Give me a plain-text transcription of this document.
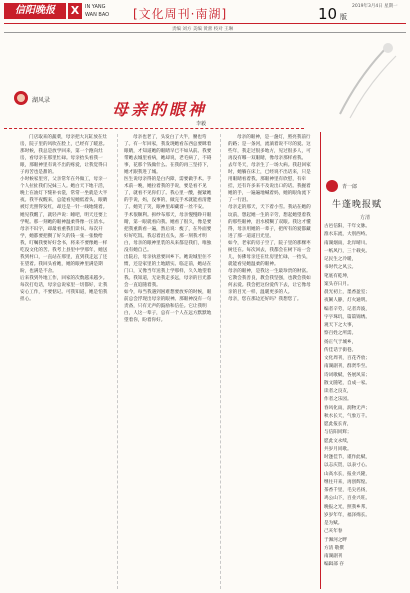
信阳晚报	X	IN YANG
WAN BAO [文化周刊·南湖]	10 版
2019年3月4日 星期一
责编 刘方 美编 黄蕾 校对 王琳
湖风录	母亲的眼神
李毅
门店取来的蔬菜，母亲把大瓦缸放在灶房，院子里的风吹在脸上，已经有了暖意。那时候，我总是放学回来，第一个跑向灶房，看母亲在那里忙碌。母亲抬头看我一眼，那眼神里有说不出的疼爱，让我觉得日子再苦也是甜的。
小时候家里穷，父亲常年在外做工，母亲一个人拉扯我们兄妹三人。她白天下地干活，晚上在油灯下缝补衣裳，常常一坐就是大半夜。我半夜醒来，总能看见她低着头，眼睛被灯光照得发红，却还是一针一线地缝着。她见我醒了，就轻声说：睡吧，明天还要上学呢。那一刻她的眼神温柔得像一汪清水。
母亲不识字，却最看重我们读书。每次开学，她都要把攒了好久的钱一张一张数给我，叮嘱我要好好念书，将来不要像她一样吃没文化的苦。我考上县里中学那年，她送我到村口，一直站在那里，直到我走远了还在望着。我回头看她，她的眼神里满是期盼，也满是不舍。
后来我到外地工作，回家的次数越来越少。每次打电话，母亲总说家里一切都好，让我安心工作，不要惦记。可我知道，她是怕我担心。
母亲也老了，头发白了大半，腰也弯了。有一年回家，我发现她看东西总要眯着眼睛，才知道她的眼睛早已不如从前。我要带她去城里看病，她却说，老毛病了，不碍事，花那个钱做什么。在我的再三坚持下，她才跟我进了城。
医生说母亲得的是白内障，需要做手术。手术前一晚，她拉着我的手说，要是看不见了，就看不见你们了。我心里一酸，握紧她的手说，妈，没事的，做完手术就能看清楚了。她笑了笑，眼神里却藏着一丝不安。
手术很顺利。拆纱布那天，母亲慢慢睁开眼睛，第一眼就看向我。她看了很久，像是要把我重新看一遍，然后说：瘦了，在外面要好好吃饭。我忍着泪点头，那一刻我才明白，母亲的眼神里装的从来都是我们，唯独没有她自己。
出院后，母亲执意要回乡下。她说城里住不惯，还是家里的土地踏实。临走前，她站在门口，又像当年送我上学那样，久久地望着我。我知道，无论我走多远，母亲的目光都会一直追随着我。
如今，每当我遇到困难想要放弃的时候，眼前总会浮现出母亲的眼神。那眼神没有一句责备，只有无声的鼓励和信任。它让我明白，人这一辈子，总有一个人在远方默默地望着你，盼着你好。
母亲的眼神，是一盏灯，照亮我前行的路；是一条河，流淌着说不尽的爱。这些年，我走过很多地方，见过很多人，可再没有哪一双眼睛，像母亲那样看我。
去年冬天，母亲生了一场大病。我赶回家时，她躺在床上，已经说不出话来，只是用眼睛看着我。那眼神里有欣慰，有牵挂，还有许多来不及说出口的话。我握着她的手，一遍遍地喊着妈，她的眼角流下了一行泪。
母亲走的那天，天下着小雪。我站在她的坟前，想起她一生的辛劳，想起她望着我的那些眼神，泪水模糊了双眼。我这才懂得，母亲用她的一辈子，把所有的爱都藏进了那一道道目光里。
如今，老家的房子空了，院子里的那棵枣树还在。每次回去，我都会在树下站一会儿，仿佛母亲还在灶房里忙碌，一抬头，就能看见她温柔的眼神。
母亲的眼神，是我这一生最珍贵的财富。它教会我善良，教会我坚强，也教会我如何去爱。我会把这份爱传下去，让它像母亲的目光一样，温暖更多的人。
母亲，您在那边还好吗？我想您了。
青一郎
牛蓬晚报赋
方清
古邑信阳，千年文脉。
淮水东流，大别西峙。
南湖烟雨，北岸晴川。
一纸风行，三十载矣。
记民生之冷暖，
书时代之风云。
笔底有乾坤，
案头存日月。
晨光初上，墨香盈室；
夜阑人静，灯火通明。
编者辛劳，记者奔波，
字字珠玑，篇篇锦绣。
观天下之大事，
察百姓之所需。
扬正气于城乡，
传佳话于街巷。
文化周刊，百花齐放；
南湖副刊，群贤毕至。
诗词歌赋，各展风采；
散文随笔，自成一家。
读者之良友，
作者之乐园。
春风化雨，润物无声；
秋水长天，气象万千。
愿此报长青，
与信阳同辉；
愿此文永续，
共岁月同歌。
时逢佳节，谨作此赋，
以志庆贺，以表寸心。
山高水长，报业兴隆，
继往开来，再创辉煌。
茶香千里，毛尖名扬，
鸡公山下，百业兴旺。
晚报之光，照我乡邦，
岁岁年年，福泽绵长。
是为赋。
己亥年春
于浉河之畔
方清 敬撰
南湖副刊
编辑部 存
